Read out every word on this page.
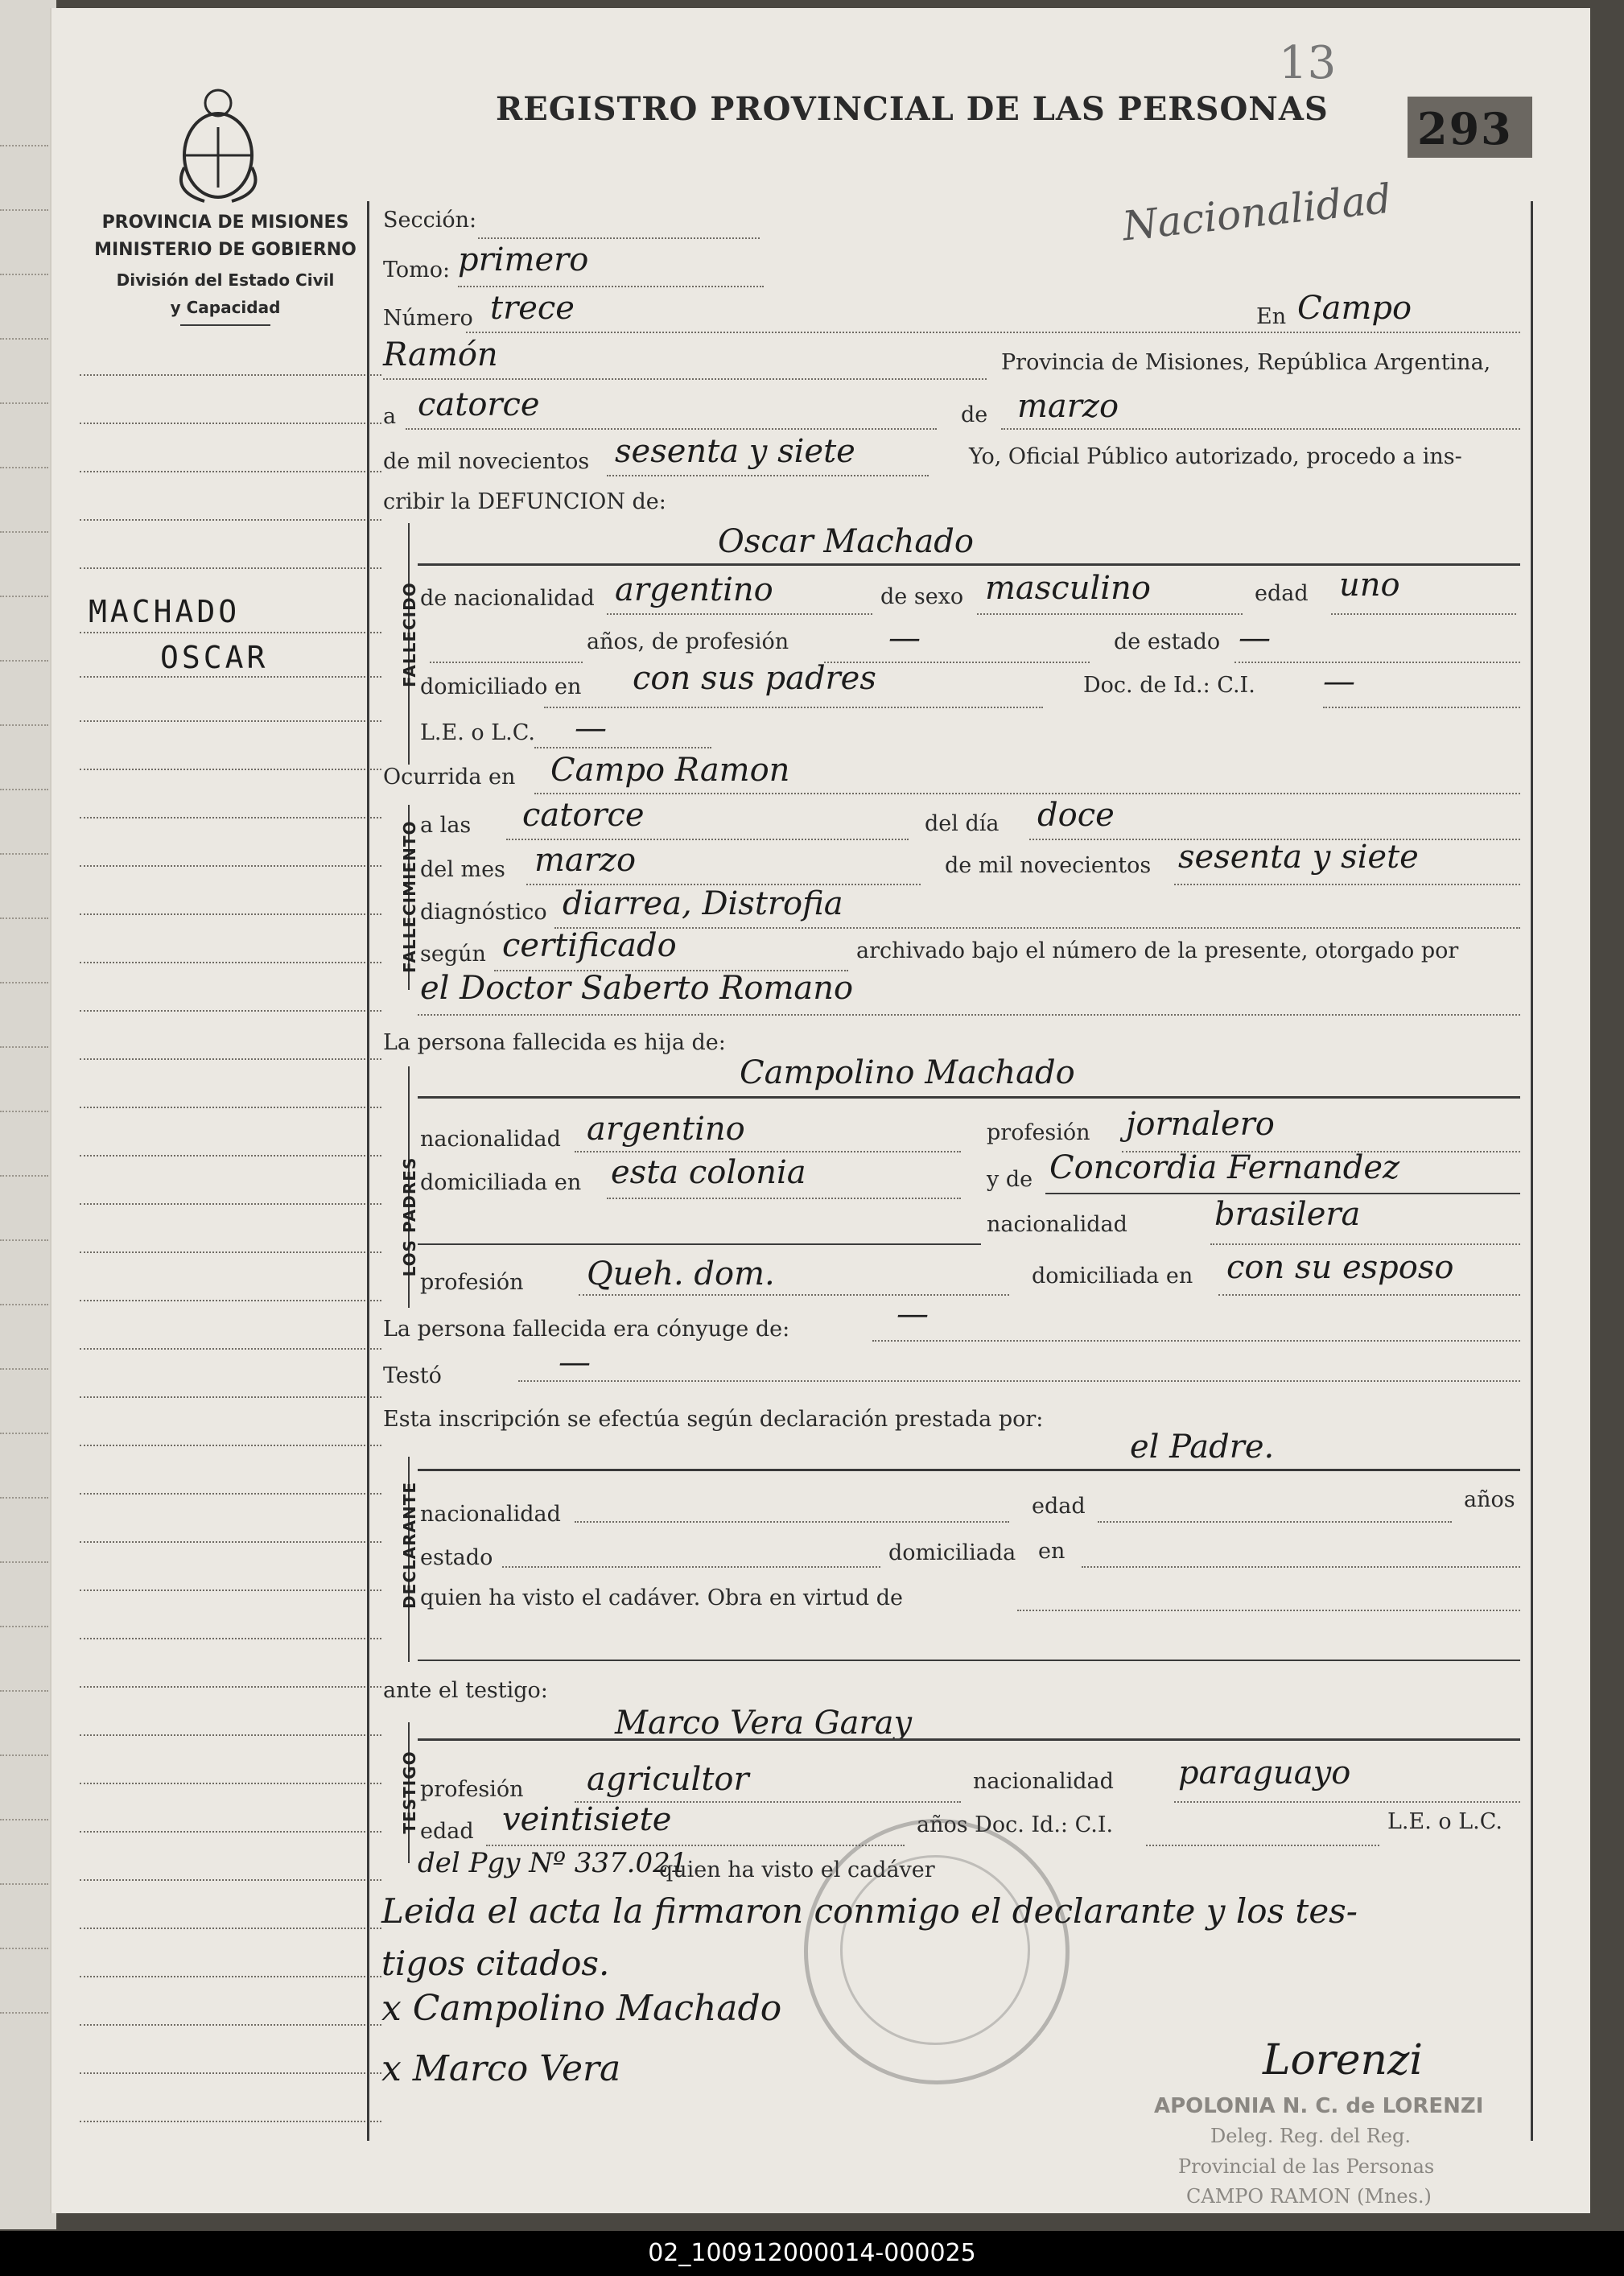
PROVINCIA DE MISIONES
MINISTERIO DE GOBIERNO
División del Estado Civil
y Capacidad
REGISTRO PROVINCIAL DE LAS PERSONAS
13
293
Nacionalidad
MACHADO
OSCAR
Sección:
Tomo: primero
Número trece	En Campo
Ramón	Provincia de Misiones, República Argentina,
a catorce	de marzo
de mil novecientos sesenta y siete	Yo, Oficial Público autorizado, procedo a ins-
cribir la DEFUNCION de:
FALLECIDO
Oscar Machado
de nacionalidad argentino	de sexo masculino	edad uno
años, de profesión	—	de estado —
domiciliado en con sus padres	Doc. de Id.: C.I. —
L.E. o L.C. —
Ocurrida en Campo Ramon
FALLECIMIENTO a las catorce	del día doce
del mes marzo	de mil novecientos sesenta y siete
diagnóstico diarrea, Distrofia
según certificado	archivado bajo el número de la presente, otorgado por
el Doctor Saberto Romano
La persona fallecida es hija de:
LOS PADRES
Campolino Machado
nacionalidad argentino	profesión jornalero
domiciliada en esta colonia	y de Concordia Fernandez
nacionalidad	brasilera
profesión Queh. dom.	domiciliada en con su esposo
La persona fallecida era cónyuge de:	—
Testó	—
Esta inscripción se efectúa según declaración prestada por:
el Padre.
DECLARANTE nacionalidad	edad	años
estado	domiciliada en
quien ha visto el cadáver. Obra en virtud de
ante el testigo:
TESTIGO
Marco Vera Garay
profesión agricultor	nacionalidad paraguayo
edad veintisiete	años Doc. Id.: C.I.	L.E. o L.C.
del Pgy Nº 337.021
quien ha visto el cadáver
Leida el acta la firmaron conmigo el declarante y los tes-
tigos citados.
x Campolino Machado
x Marco Vera	Lorenzi
APOLONIA N. C. de LORENZI
Deleg. Reg. del Reg.
Provincial de las Personas
CAMPO RAMON (Mnes.)
02_100912000014-000025
